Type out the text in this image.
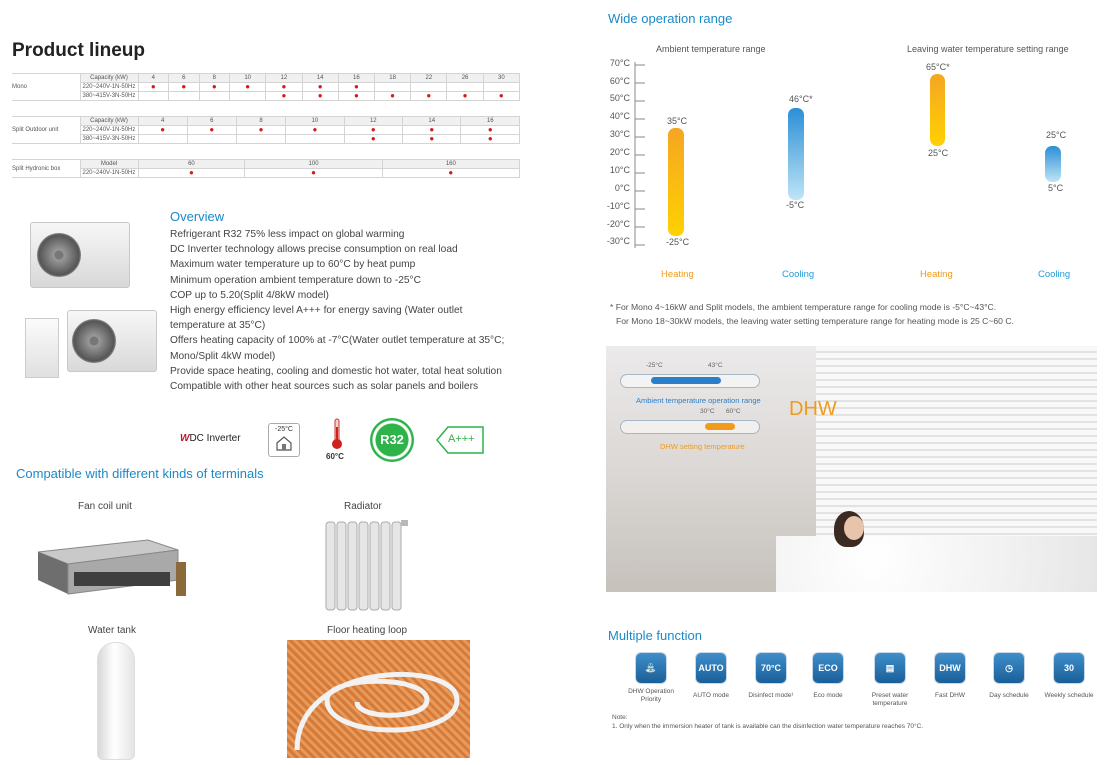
Product lineup
Mono	Capacity (kW)	4	6	8	10	12	14	16	18	22	26	30
	220~240V-1N-50Hz	●	●	●	●	●	●	●				
	380~415V-3N-50Hz					●	●	●	●	●	●	●
Split Outdoor unit	Capacity (kW)	4	6	8	10	12	14	16
	220~240V-1N-50Hz	●	●	●	●	●	●	●
	380~415V-3N-50Hz					●	●	●
Split Hydronic box	Model	60	100	160
	220~240V-1N-50Hz	●	●	●
Overview
Refrigerant R32 75% less impact on global warming
DC Inverter technology allows precise consumption on real load
Maximum water temperature up to 60°C by heat pump
Minimum operation ambient temperature down to -25°C
COP up to 5.20(Split 4/8kW model)
High energy efficiency level A+++ for energy saving (Water outlet temperature at 35°C)
Offers heating capacity of 100% at -7°C(Water outlet temperature at 35°C; Mono/Split 4kW model)
Provide space heating, cooling and domestic hot water, total heat solution
Compatible with other heat sources such as solar panels and boilers
WDC Inverter
-25°C
60°C
R32	A+++
Compatible with different kinds of terminals
Fan coil unit	Radiator
Water tank	Floor heating loop
Wide operation range
Ambient temperature range	Leaving water temperature setting range
70°C
60°C
50°C
40°C
30°C
20°C
10°C
0°C
-10°C
-20°C
-30°C
35°C
-25°C
46°C*
-5°C
65°C*
25°C
25°C
5°C
Heating	Cooling	Heating	Cooling
* For Mono 4~16kW and Split models, the ambient temperature range for cooling mode is -5°C~43°C.
For Mono 18~30kW models, the leaving water setting temperature range for heating mode is 25 C~60 C.
-25°C	43°C
Ambient temperature operation range
30°C 60°C
DHW setting temperature
DHW
Multiple function
⛲
DHW Operation Priority
AUTO
AUTO mode
70°C
Disinfect mode¹
ECO
Eco mode
▤
Preset water temperature
DHW
Fast DHW
◷
Day schedule
30
Weekly schedule
Note:
1. Only when the immersion heater of tank is available can the disinfection water temperature reaches 70°C.
